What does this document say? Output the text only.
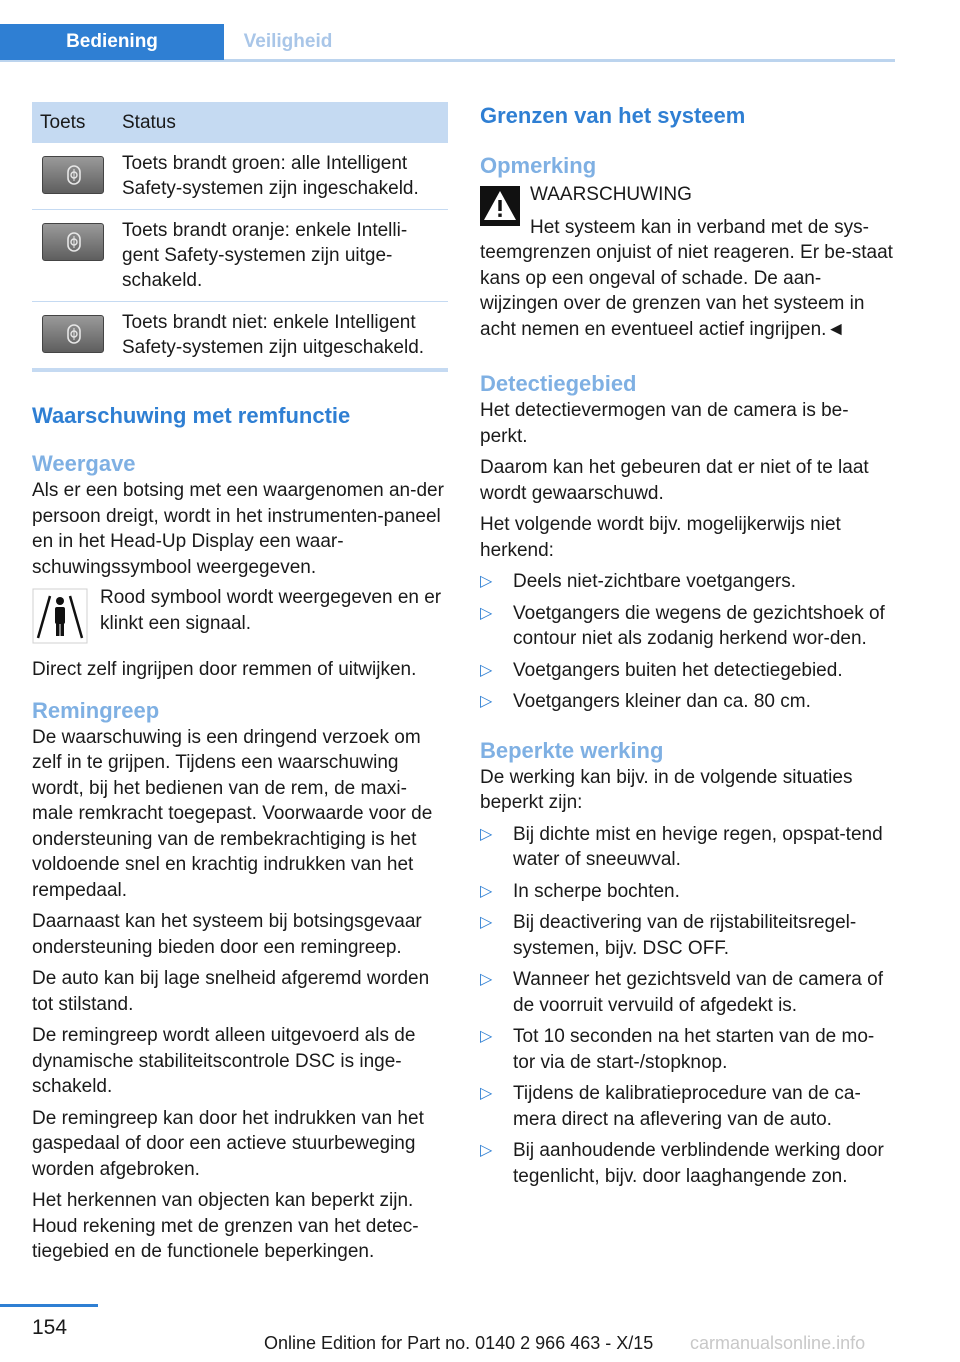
Bediening	Veiligheid
Toets	Status

	Toets brandt groen: alle Intelligent Safety-systemen zijn ingeschakeld.

	Toets brandt oranje: enkele Intelli-gent Safety-systemen zijn uitge-schakeld.

	Toets brandt niet: enkele Intelligent Safety-systemen zijn uitgeschakeld.
Waarschuwing met remfunctie
Weergave

Als er een botsing met een waargenomen an-der persoon dreigt, wordt in het instrumenten-paneel en in het Head-Up Display een waar-schuwingssymbool weergegeven.

Rood symbool wordt weergegeven en er klinkt een signaal.

Direct zelf ingrijpen door remmen of uitwijken.

Remingreep

De waarschuwing is een dringend verzoek om zelf in te grijpen. Tijdens een waarschuwing wordt, bij het bedienen van de rem, de maxi-male remkracht toegepast. Voorwaarde voor de ondersteuning van de rembekrachtiging is het voldoende snel en krachtig indrukken van het rempedaal.

Daarnaast kan het systeem bij botsingsgevaar ondersteuning bieden door een remingreep.

De auto kan bij lage snelheid afgeremd worden tot stilstand.

De remingreep wordt alleen uitgevoerd als de dynamische stabiliteitscontrole DSC is inge-schakeld.

De remingreep kan door het indrukken van het gaspedaal of door een actieve stuurbeweging worden afgebroken.

Het herkennen van objecten kan beperkt zijn. Houd rekening met de grenzen van het detec-tiegebied en de functionele beperkingen.

Grenzen van het systeem
Opmerking

WAARSCHUWING

Het systeem kan in verband met de sys-

teemgrenzen onjuist of niet reageren. Er be-staat kans op een ongeval of schade. De aan-wijzingen over de grenzen van het systeem in acht nemen en eventueel actief ingrijpen.◄

Detectiegebied

Het detectievermogen van de camera is be-perkt.

Daarom kan het gebeuren dat er niet of te laat wordt gewaarschuwd.

Het volgende wordt bijv. mogelijkerwijs niet herkend:

▷ Deels niet-zichtbare voetgangers.
▷ Voetgangers die wegens de gezichtshoek of contour niet als zodanig herkend wor-den.
▷ Voetgangers buiten het detectiegebied.
▷ Voetgangers kleiner dan ca. 80 cm.
Beperkte werking

De werking kan bijv. in de volgende situaties beperkt zijn:

▷ Bij dichte mist en hevige regen, opspat-tend water of sneeuwval.
▷ In scherpe bochten.
▷ Bij deactivering van de rijstabiliteitsregel-systemen, bijv. DSC OFF.
▷ Wanneer het gezichtsveld van de camera of de voorruit vervuild of afgedekt is.
▷ Tot 10 seconden na het starten van de mo-tor via de start-/stopknop.
▷ Tijdens de kalibratieprocedure van de ca-mera direct na aflevering van de auto.
▷ Bij aanhoudende verblindende werking door tegenlicht, bijv. door laaghangende zon.
154
Online Edition for Part no. 0140 2 966 463 - X/15 carmanualsonline.info
